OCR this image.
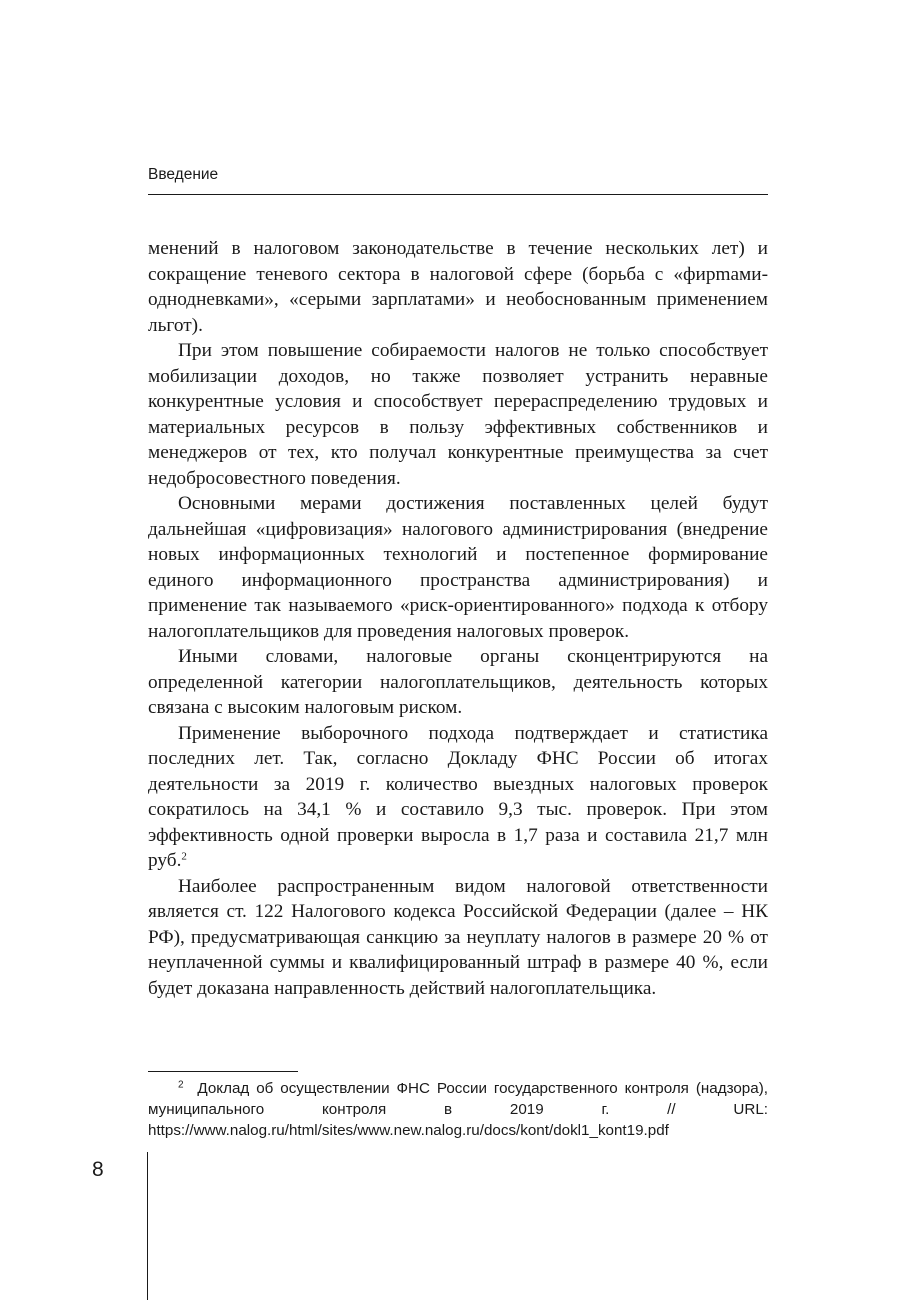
Введение

менений в налоговом законодательстве в течение нескольких лет) и сокращение теневого сектора в налоговой сфере (борьба с «фирmами-однодневками», «серыми зарплатами» и необоснованным применением льгот).

При этом повышение собираемости налогов не только способствует мобилизации доходов, но также позволяет устранить неравные конкурентные условия и способствует перераспределению трудовых и материальных ресурсов в пользу эффективных собственников и менеджеров от тех, кто получал конкурентные преимущества за счет недобросовестного поведения.

Основными мерами достижения поставленных целей будут дальнейшая «цифровизация» налогового администрирования (внедрение новых информационных технологий и постепенное формирование единого информационного пространства администрирования) и применение так называемого «риск-ориентированного» подхода к отбору налогоплательщиков для проведения налоговых проверок.

Иными словами, налоговые органы сконцентрируются на определенной категории налогоплательщиков, деятельность которых связана с высоким налоговым риском.

Применение выборочного подхода подтверждает и статистика последних лет. Так, согласно Докладу ФНС России об итогах деятельности за 2019 г. количество выездных налоговых проверок сократилось на 34,1 % и составило 9,3 тыс. проверок. При этом эффективность одной проверки выросла в 1,7 раза и составила 21,7 млн руб.$^2$

Наиболее распространенным видом налоговой ответственности является ст. 122 Налогового кодекса Российской Федерации (далее – НК РФ), предусматривающая санкцию за неуплату налогов в размере 20 % от неуплаченной суммы и квалифицированный штраф в размере 40 %, если будет доказана направленность действий налогоплательщика.

$^2$ Доклад об осуществлении ФНС России государственного контроля (надзора), муниципального контроля в 2019 г. // URL: https://www.nalog.ru/html/sites/www.new.nalog.ru/docs/kont/dokl1_kont19.pdf
8
